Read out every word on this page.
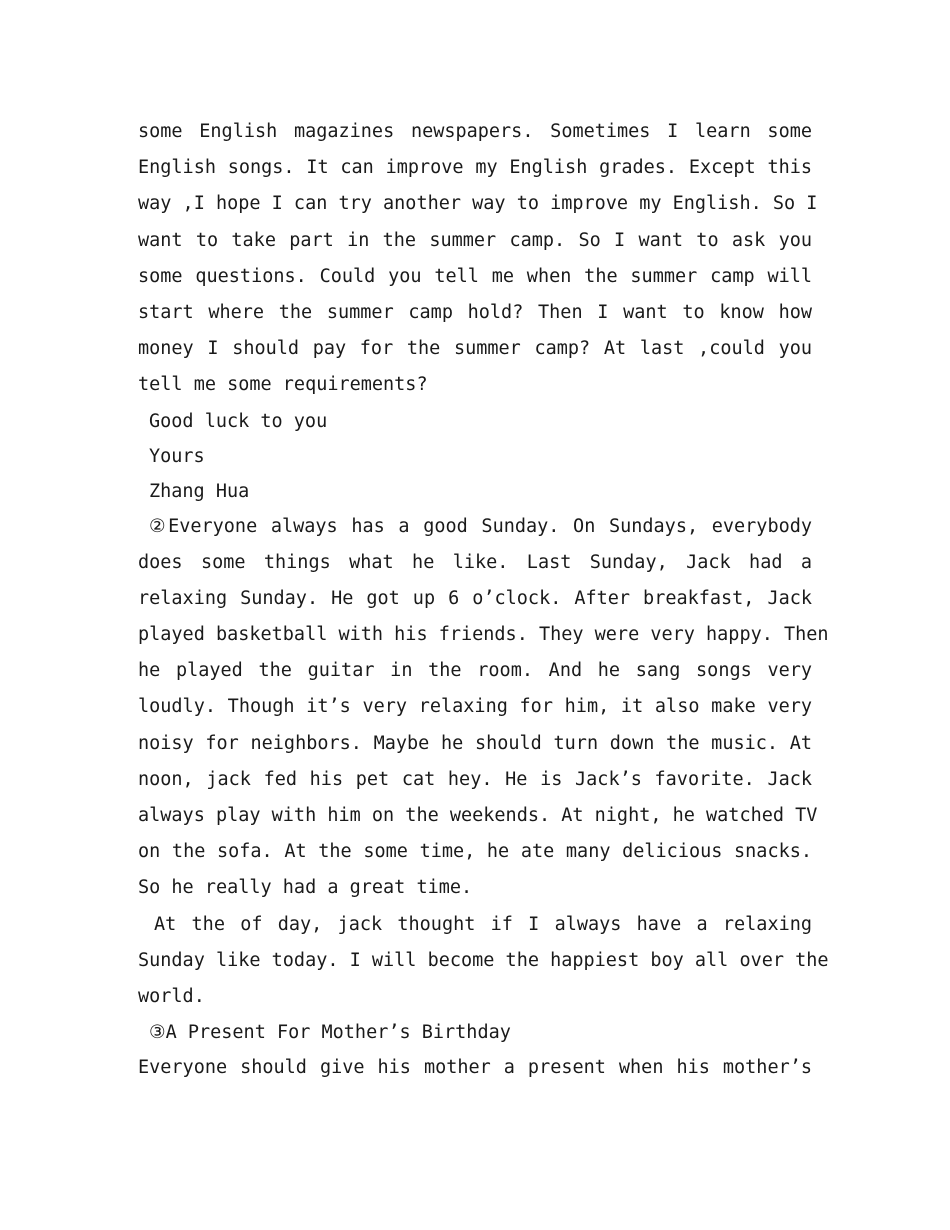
some English magazines newspapers. Sometimes I learn some
English songs. It can improve my English grades. Except this
way ,I hope I can try another way to improve my English. So I
want to take part in the summer camp. So I want to ask you
some questions. Could you tell me when the summer camp will
start where the summer camp hold? Then I want to know how
money I should pay for the summer camp? At last ,could you
tell me some requirements?
Good luck to you
Yours
Zhang Hua
②Everyone always has a good Sunday. On Sundays, everybody
does some things what he like. Last Sunday, Jack had a
relaxing Sunday. He got up 6 o’clock. After breakfast, Jack
played basketball with his friends. They were very happy. Then
he played the guitar in the room. And he sang songs very
loudly. Though it’s very relaxing for him, it also make very
noisy for neighbors. Maybe he should turn down the music. At
noon, jack fed his pet cat hey. He is Jack’s favorite. Jack
always play with him on the weekends. At night, he watched TV
on the sofa. At the some time, he ate many delicious snacks.
So he really had a great time.
At the of day, jack thought if I always have a relaxing
Sunday like today. I will become the happiest boy all over the
world.
③A Present For Mother’s Birthday
Everyone should give his mother a present when his mother’s
